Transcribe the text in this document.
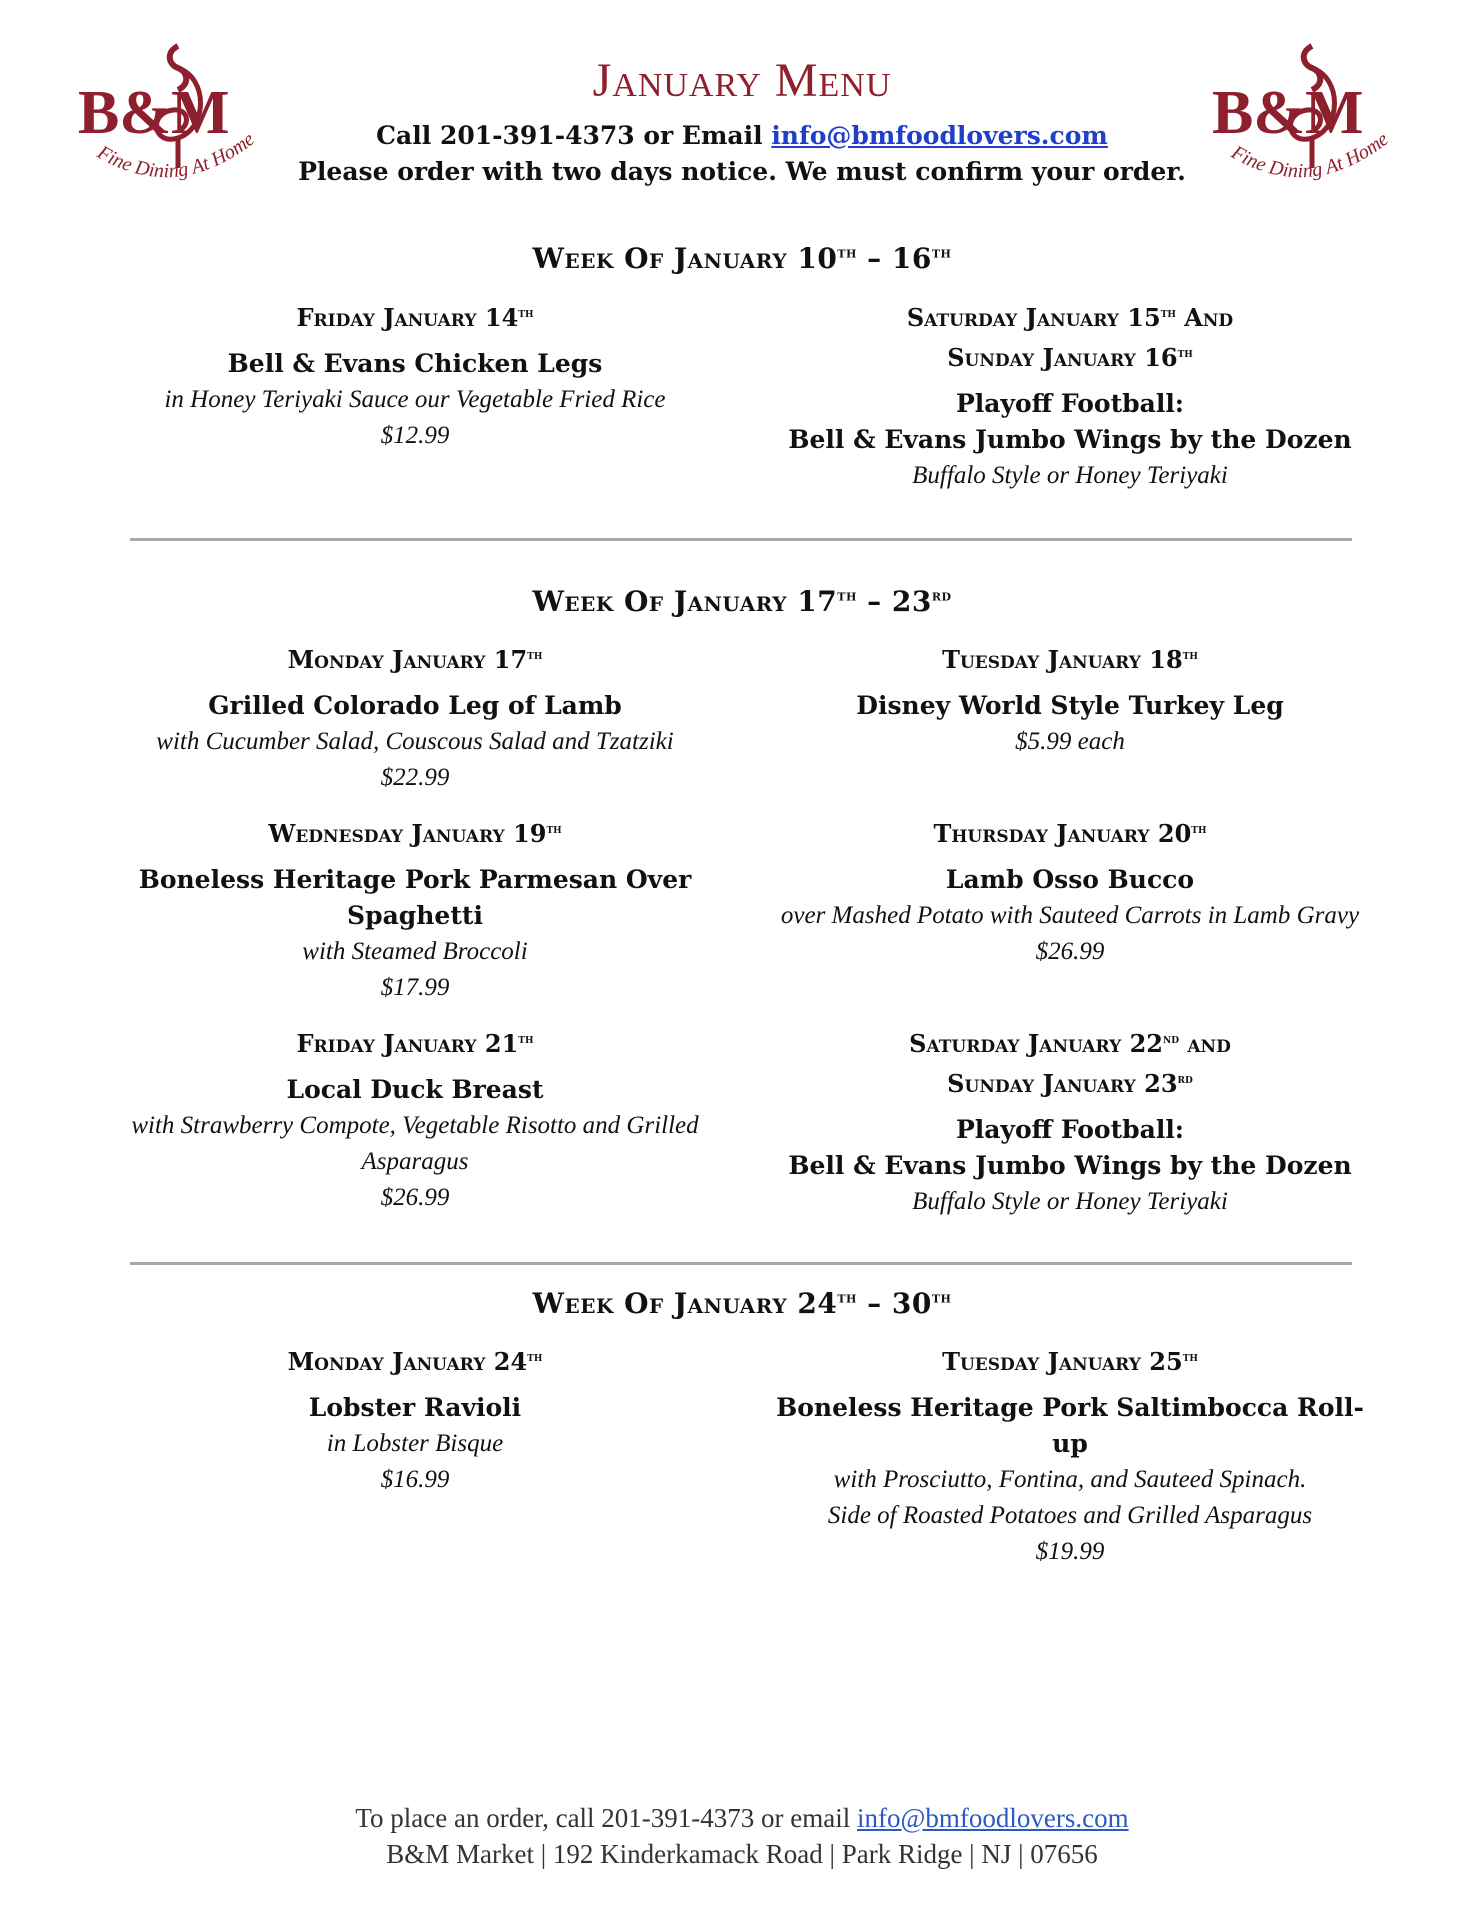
B&M
Fine Dining At Home	B&M
Fine Dining At Home
January Menu
Call 201-391-4373 or Email info@bmfoodlovers.com
Please order with two days notice. We must confirm your order.
Week Of January 10th – 16th
Friday January 14th
Bell & Evans Chicken Legs
in Honey Teriyaki Sauce our Vegetable Fried Rice
$12.99
Saturday January 15th And
Sunday January 16th
Playoff Football:
Bell & Evans Jumbo Wings by the Dozen
Buffalo Style or Honey Teriyaki
Week Of January 17th – 23rd
Monday January 17th
Grilled Colorado Leg of Lamb
with Cucumber Salad, Couscous Salad and Tzatziki
$22.99
Tuesday January 18th
Disney World Style Turkey Leg
$5.99 each
Wednesday January 19th
Boneless Heritage Pork Parmesan Over
Spaghetti
with Steamed Broccoli
$17.99
Thursday January 20th
Lamb Osso Bucco
over Mashed Potato with Sauteed Carrots in Lamb Gravy
$26.99
Friday January 21th
Local Duck Breast
with Strawberry Compote, Vegetable Risotto and Grilled
Asparagus
$26.99
Saturday January 22nd and
Sunday January 23rd
Playoff Football:
Bell & Evans Jumbo Wings by the Dozen
Buffalo Style or Honey Teriyaki
Week Of January 24th – 30th
Monday January 24th
Lobster Ravioli
in Lobster Bisque
$16.99
Tuesday January 25th
Boneless Heritage Pork Saltimbocca Roll-up
with Prosciutto, Fontina, and Sauteed Spinach.
Side of Roasted Potatoes and Grilled Asparagus
$19.99
To place an order, call 201-391-4373 or email info@bmfoodlovers.com
B&M Market | 192 Kinderkamack Road | Park Ridge | NJ | 07656
